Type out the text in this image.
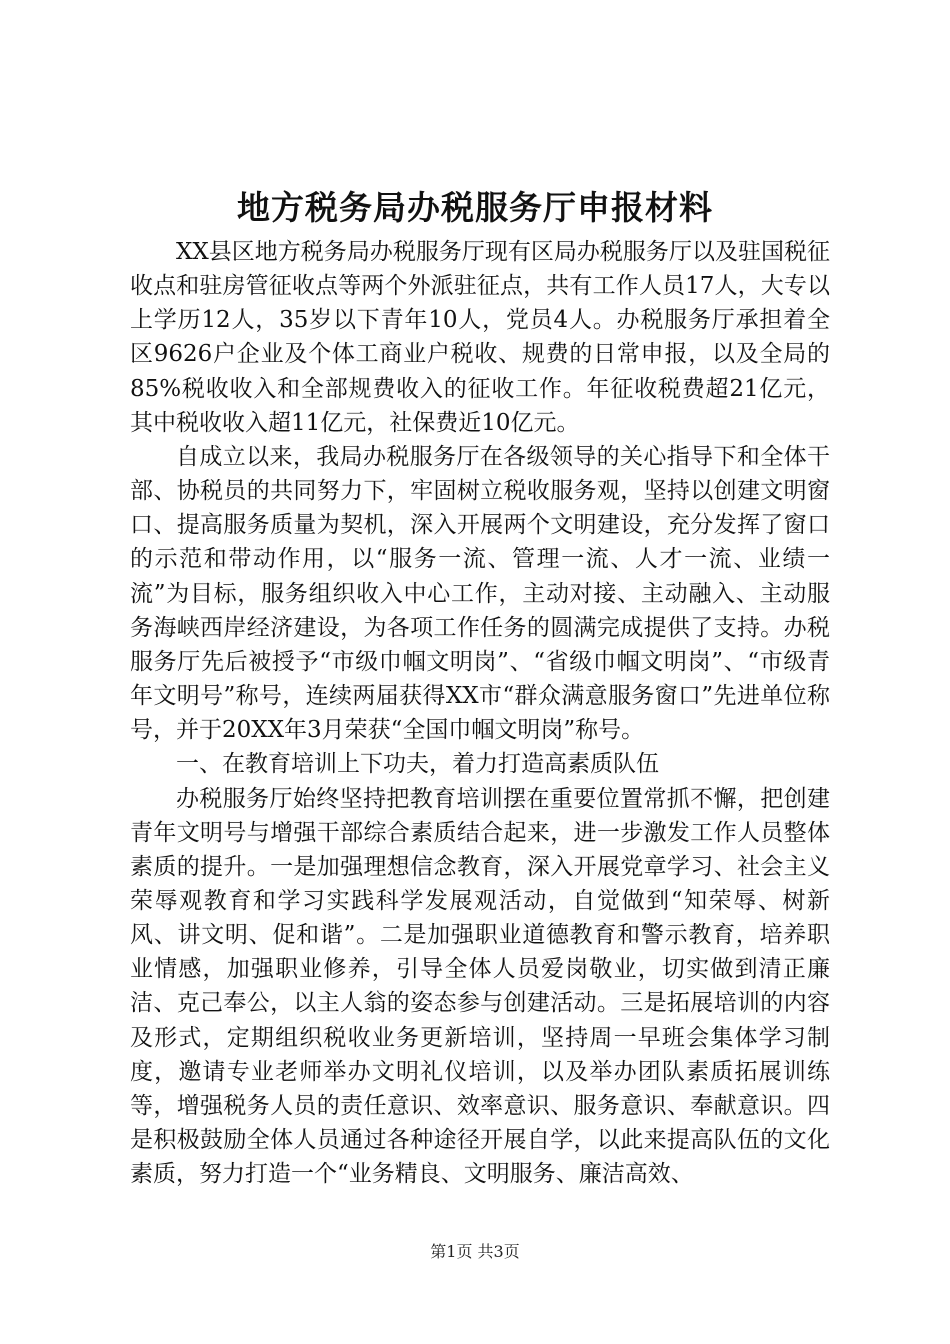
地方税务局办税服务厅申报材料

XX县区地方税务局办税服务厅现有区局办税服务厅以及驻国税征收点和驻房管征收点等两个外派驻征点，共有工作人员17人，大专以上学历12人，35岁以下青年10人，党员4人。办税服务厅承担着全区9626户企业及个体工商业户税收、规费的日常申报，以及全局的85%税收收入和全部规费收入的征收工作。年征收税费超21亿元，其中税收收入超11亿元，社保费近10亿元。

自成立以来，我局办税服务厅在各级领导的关心指导下和全体干部、协税员的共同努力下，牢固树立税收服务观，坚持以创建文明窗口、提高服务质量为契机，深入开展两个文明建设，充分发挥了窗口的示范和带动作用，以“服务一流、管理一流、人才一流、业绩一流”为目标，服务组织收入中心工作，主动对接、主动融入、主动服务海峡西岸经济建设，为各项工作任务的圆满完成提供了支持。办税服务厅先后被授予“市级巾帼文明岗”、“省级巾帼文明岗”、“市级青年文明号”称号，连续两届获得XX市“群众满意服务窗口”先进单位称号，并于20XX年3月荣获“全国巾帼文明岗”称号。

一、在教育培训上下功夫，着力打造高素质队伍

办税服务厅始终坚持把教育培训摆在重要位置常抓不懈，把创建青年文明号与增强干部综合素质结合起来，进一步激发工作人员整体素质的提升。一是加强理想信念教育，深入开展党章学习、社会主义荣辱观教育和学习实践科学发展观活动，自觉做到“知荣辱、树新风、讲文明、促和谐”。二是加强职业道德教育和警示教育，培养职业情感，加强职业修养，引导全体人员爱岗敬业，切实做到清正廉洁、克己奉公，以主人翁的姿态参与创建活动。三是拓展培训的内容及形式，定期组织税收业务更新培训，坚持周一早班会集体学习制度，邀请专业老师举办文明礼仪培训，以及举办团队素质拓展训练等，增强税务人员的责任意识、效率意识、服务意识、奉献意识。四是积极鼓励全体人员通过各种途径开展自学，以此来提高队伍的文化素质，努力打造一个“业务精良、文明服务、廉洁高效、

第1页 共3页
